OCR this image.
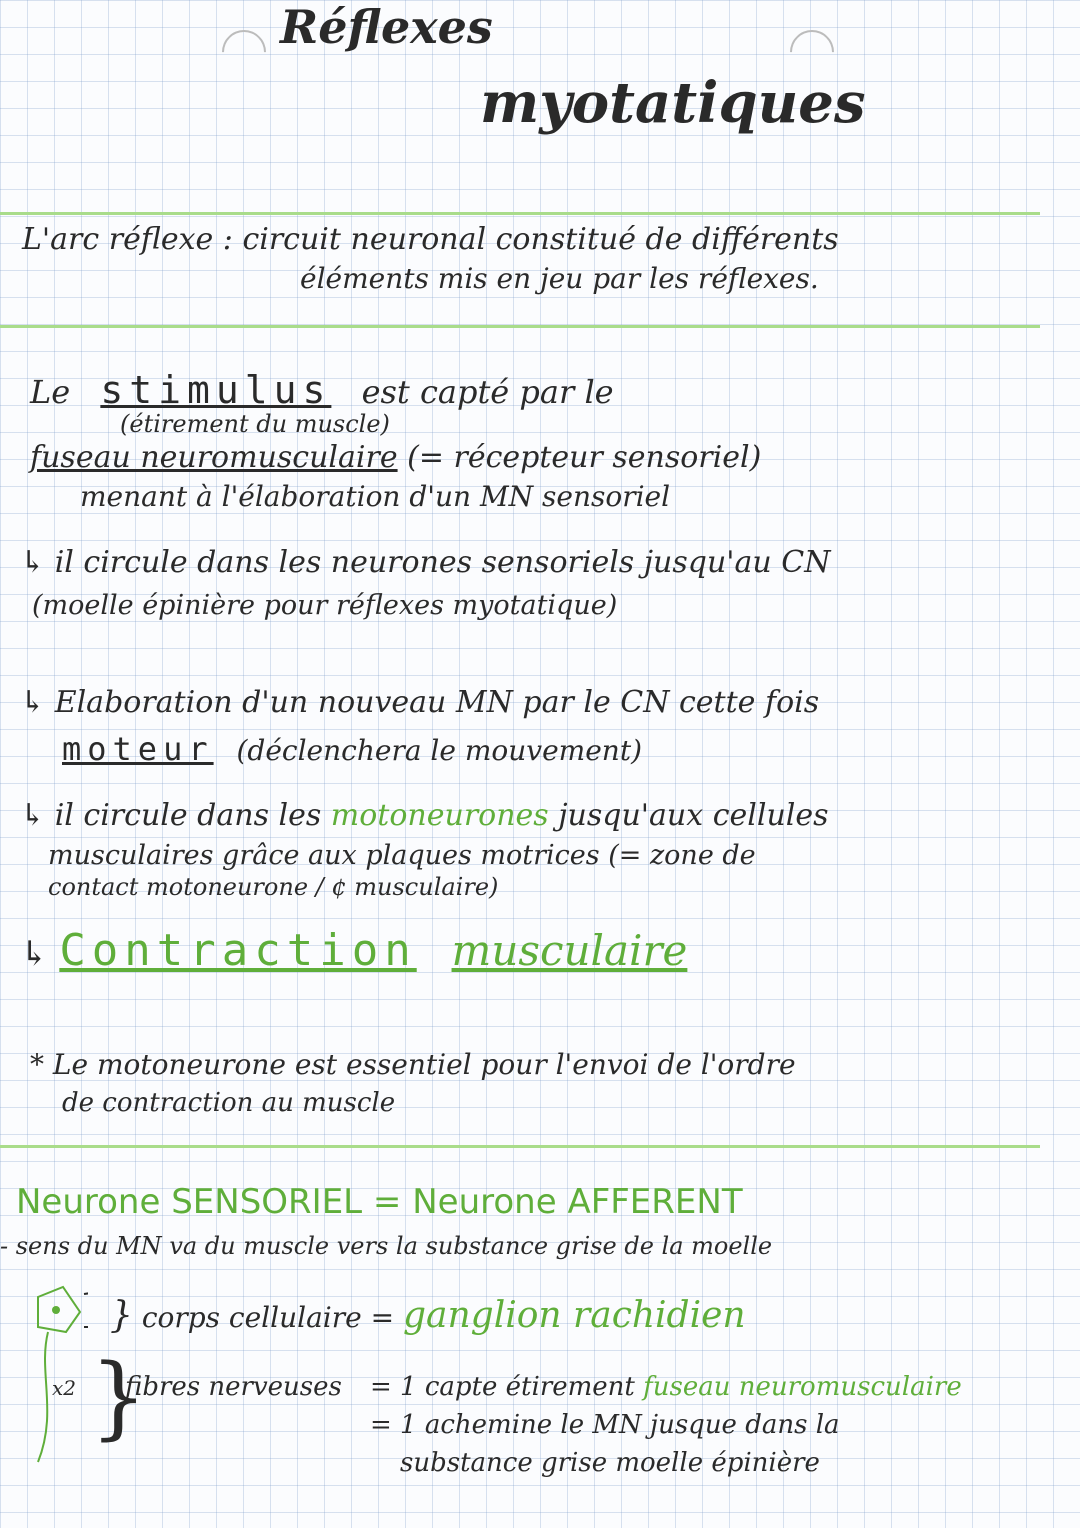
Réflexes
myotatiques
L'arc réflexe : circuit neuronal constitué de différents
éléments mis en jeu par les réflexes.
Le stimulus est capté par le
(étirement du muscle)
fuseau neuromusculaire (= récepteur sensoriel)
menant à l'élaboration d'un MN sensoriel
↳ il circule dans les neurones sensoriels jusqu'au CN
(moelle épinière pour réflexes myotatique)
↳ Elaboration d'un nouveau MN par le CN cette fois
moteur (déclenchera le mouvement)
↳ il circule dans les motoneurones jusqu'aux cellules
musculaires grâce aux plaques motrices (= zone de
contact motoneurone / ¢ musculaire)
↳ Contraction musculaire
* Le motoneurone est essentiel pour l'envoi de l'ordre
de contraction au muscle
Neurone SENSORIEL = Neurone AFFERENT
- sens du MN va du muscle vers la substance grise de la moelle
} corps cellulaire = ganglion rachidien
x2 }
fibres nerveuses = 1 capte étirement fuseau neuromusculaire
= 1 achemine le MN jusque dans la
substance grise moelle épinière
